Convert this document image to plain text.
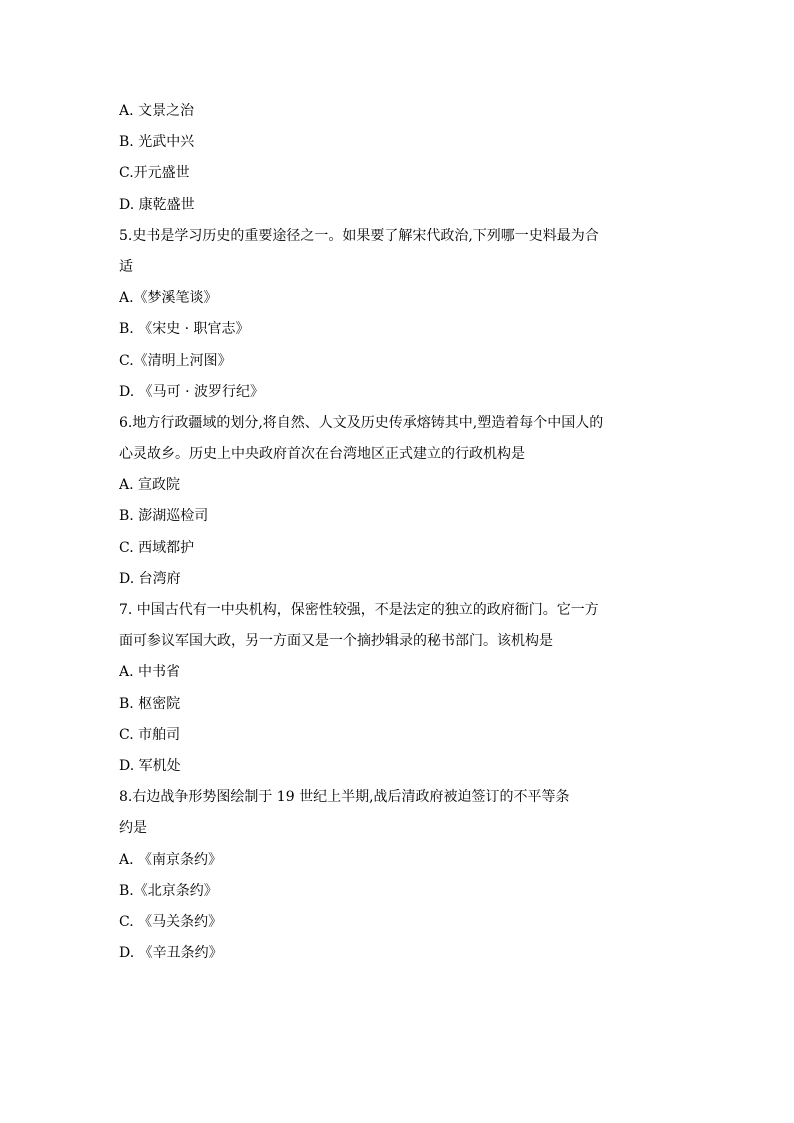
A. 文景之治
B. 光武中兴
C.开元盛世
D. 康乾盛世
5.史书是学习历史的重要途径之一。如果要了解宋代政治,下列哪一史料最为合
适
A.《梦溪笔谈》
B. 《宋史 · 职官志》
C.《清明上河图》
D. 《马可 · 波罗行纪》
6.地方行政疆域的划分,将自然、人文及历史传承熔铸其中,塑造着每个中国人的
心灵故乡。历史上中央政府首次在台湾地区正式建立的行政机构是
A. 宣政院
B. 澎湖巡检司
C. 西域都护
D. 台湾府
7. 中国古代有一中央机构，保密性较强，不是法定的独立的政府衙门。它一方
面可参议军国大政，另一方面又是一个摘抄辑录的秘书部门。该机构是
A. 中书省
B. 枢密院
C. 市舶司
D. 军机处
8.右边战争形势图绘制于 19 世纪上半期,战后清政府被迫签订的不平等条
约是
A. 《南京条约》
B.《北京条约》
C. 《马关条约》
D. 《辛丑条约》
